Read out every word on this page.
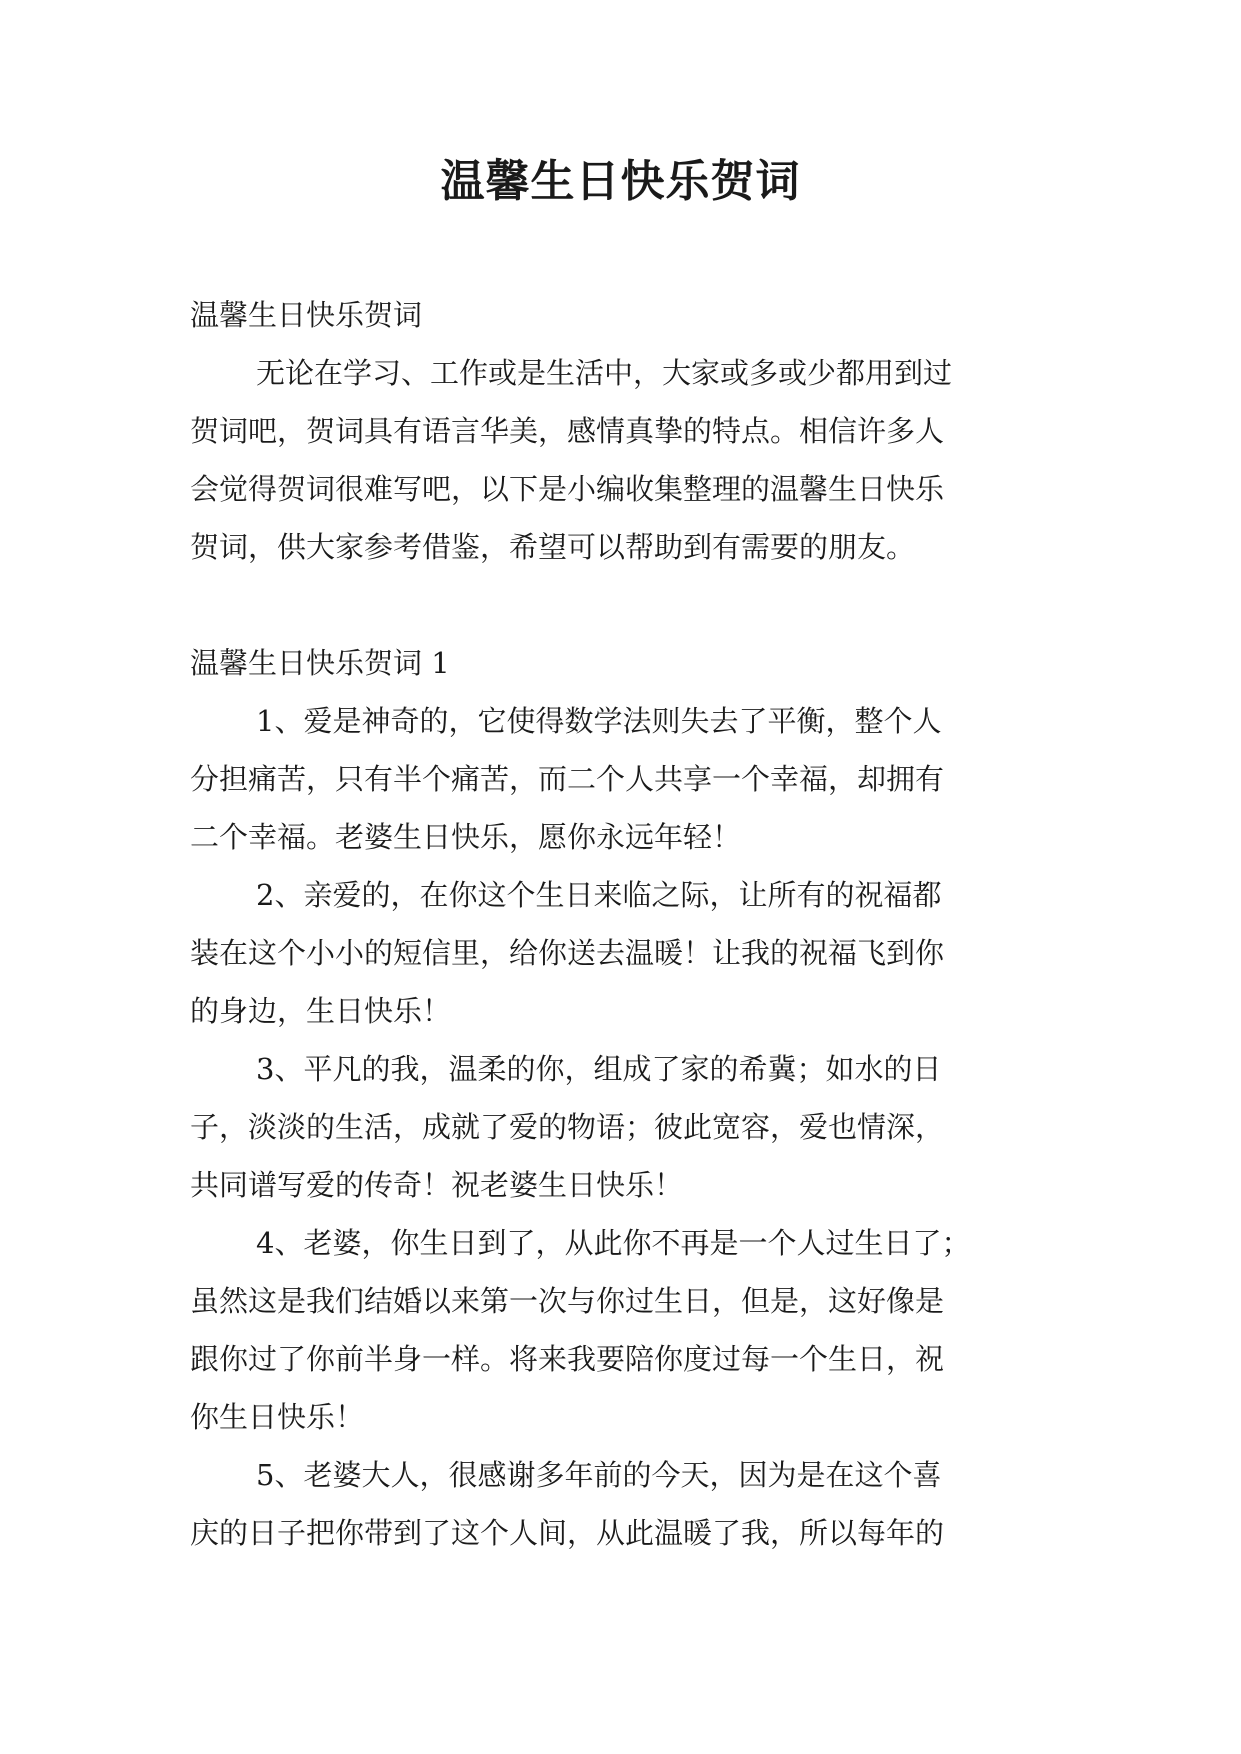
温馨生日快乐贺词

温馨生日快乐贺词

无论在学习、工作或是生活中，大家或多或少都用到过

贺词吧，贺词具有语言华美，感情真挚的特点。相信许多人

会觉得贺词很难写吧，以下是小编收集整理的温馨生日快乐

贺词，供大家参考借鉴，希望可以帮助到有需要的朋友。

温馨生日快乐贺词 1

1、爱是神奇的，它使得数学法则失去了平衡，整个人

分担痛苦，只有半个痛苦，而二个人共享一个幸福，却拥有

二个幸福。老婆生日快乐，愿你永远年轻！

2、亲爱的，在你这个生日来临之际，让所有的祝福都

装在这个小小的短信里，给你送去温暖！让我的祝福飞到你

的身边，生日快乐！

3、平凡的我，温柔的你，组成了家的希冀；如水的日

子，淡淡的生活，成就了爱的物语；彼此宽容，爱也情深，

共同谱写爱的传奇！祝老婆生日快乐！

4、老婆，你生日到了，从此你不再是一个人过生日了；

虽然这是我们结婚以来第一次与你过生日，但是，这好像是

跟你过了你前半身一样。将来我要陪你度过每一个生日，祝

你生日快乐！

5、老婆大人，很感谢多年前的今天，因为是在这个喜

庆的日子把你带到了这个人间，从此温暖了我，所以每年的
